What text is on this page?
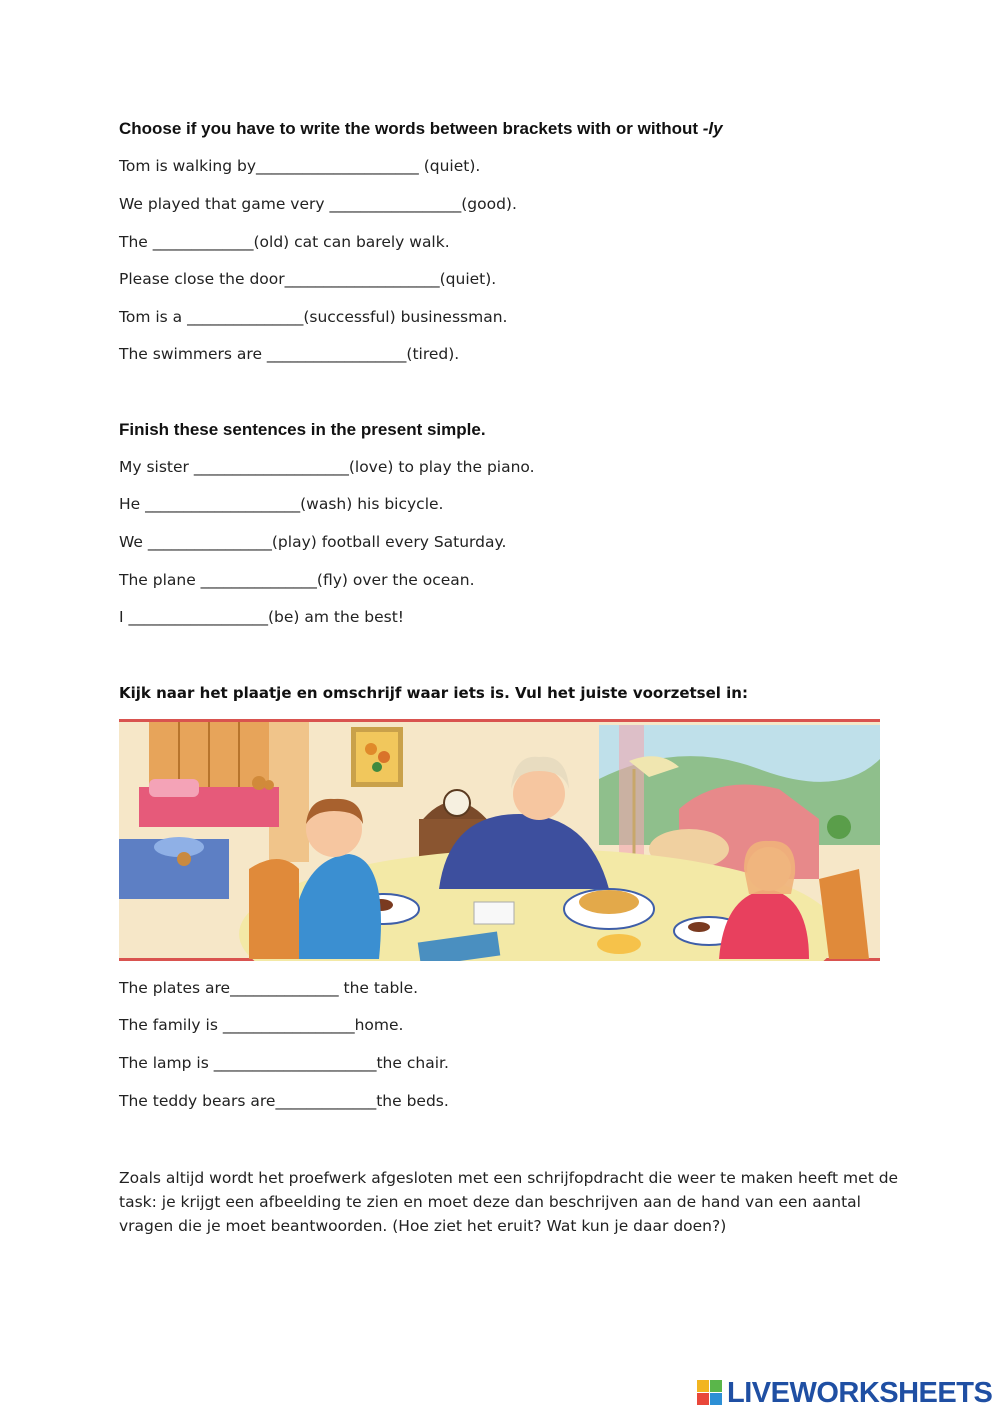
Choose if you have to write the words between brackets with or without -ly
Tom is walking by_____________________ (quiet).
We played that game very _________________(good).
The _____________(old) cat can barely walk.
Please close the door____________________(quiet).
Tom is a _______________(successful) businessman.
The swimmers are __________________(tired).
Finish these sentences in the present simple.
My sister ____________________(love) to play the piano.
He ____________________(wash) his bicycle.
We ________________(play) football every Saturday.
The plane _______________(fly) over the ocean.
I __________________(be) am the best!
Kijk naar het plaatje en omschrijf waar iets is. Vul het juiste voorzetsel in:
The plates are______________ the table.
The family is _________________home.
The lamp is _____________________the chair.
The teddy bears are_____________the beds.
Zoals altijd wordt het proefwerk afgesloten met een schrijfopdracht die weer te maken heeft met de task: je krijgt een afbeelding te zien en moet deze dan beschrijven aan de hand van een aantal vragen die je moet beantwoorden. (Hoe ziet het eruit? Wat kun je daar doen?)
LIVEWORKSHEETS
